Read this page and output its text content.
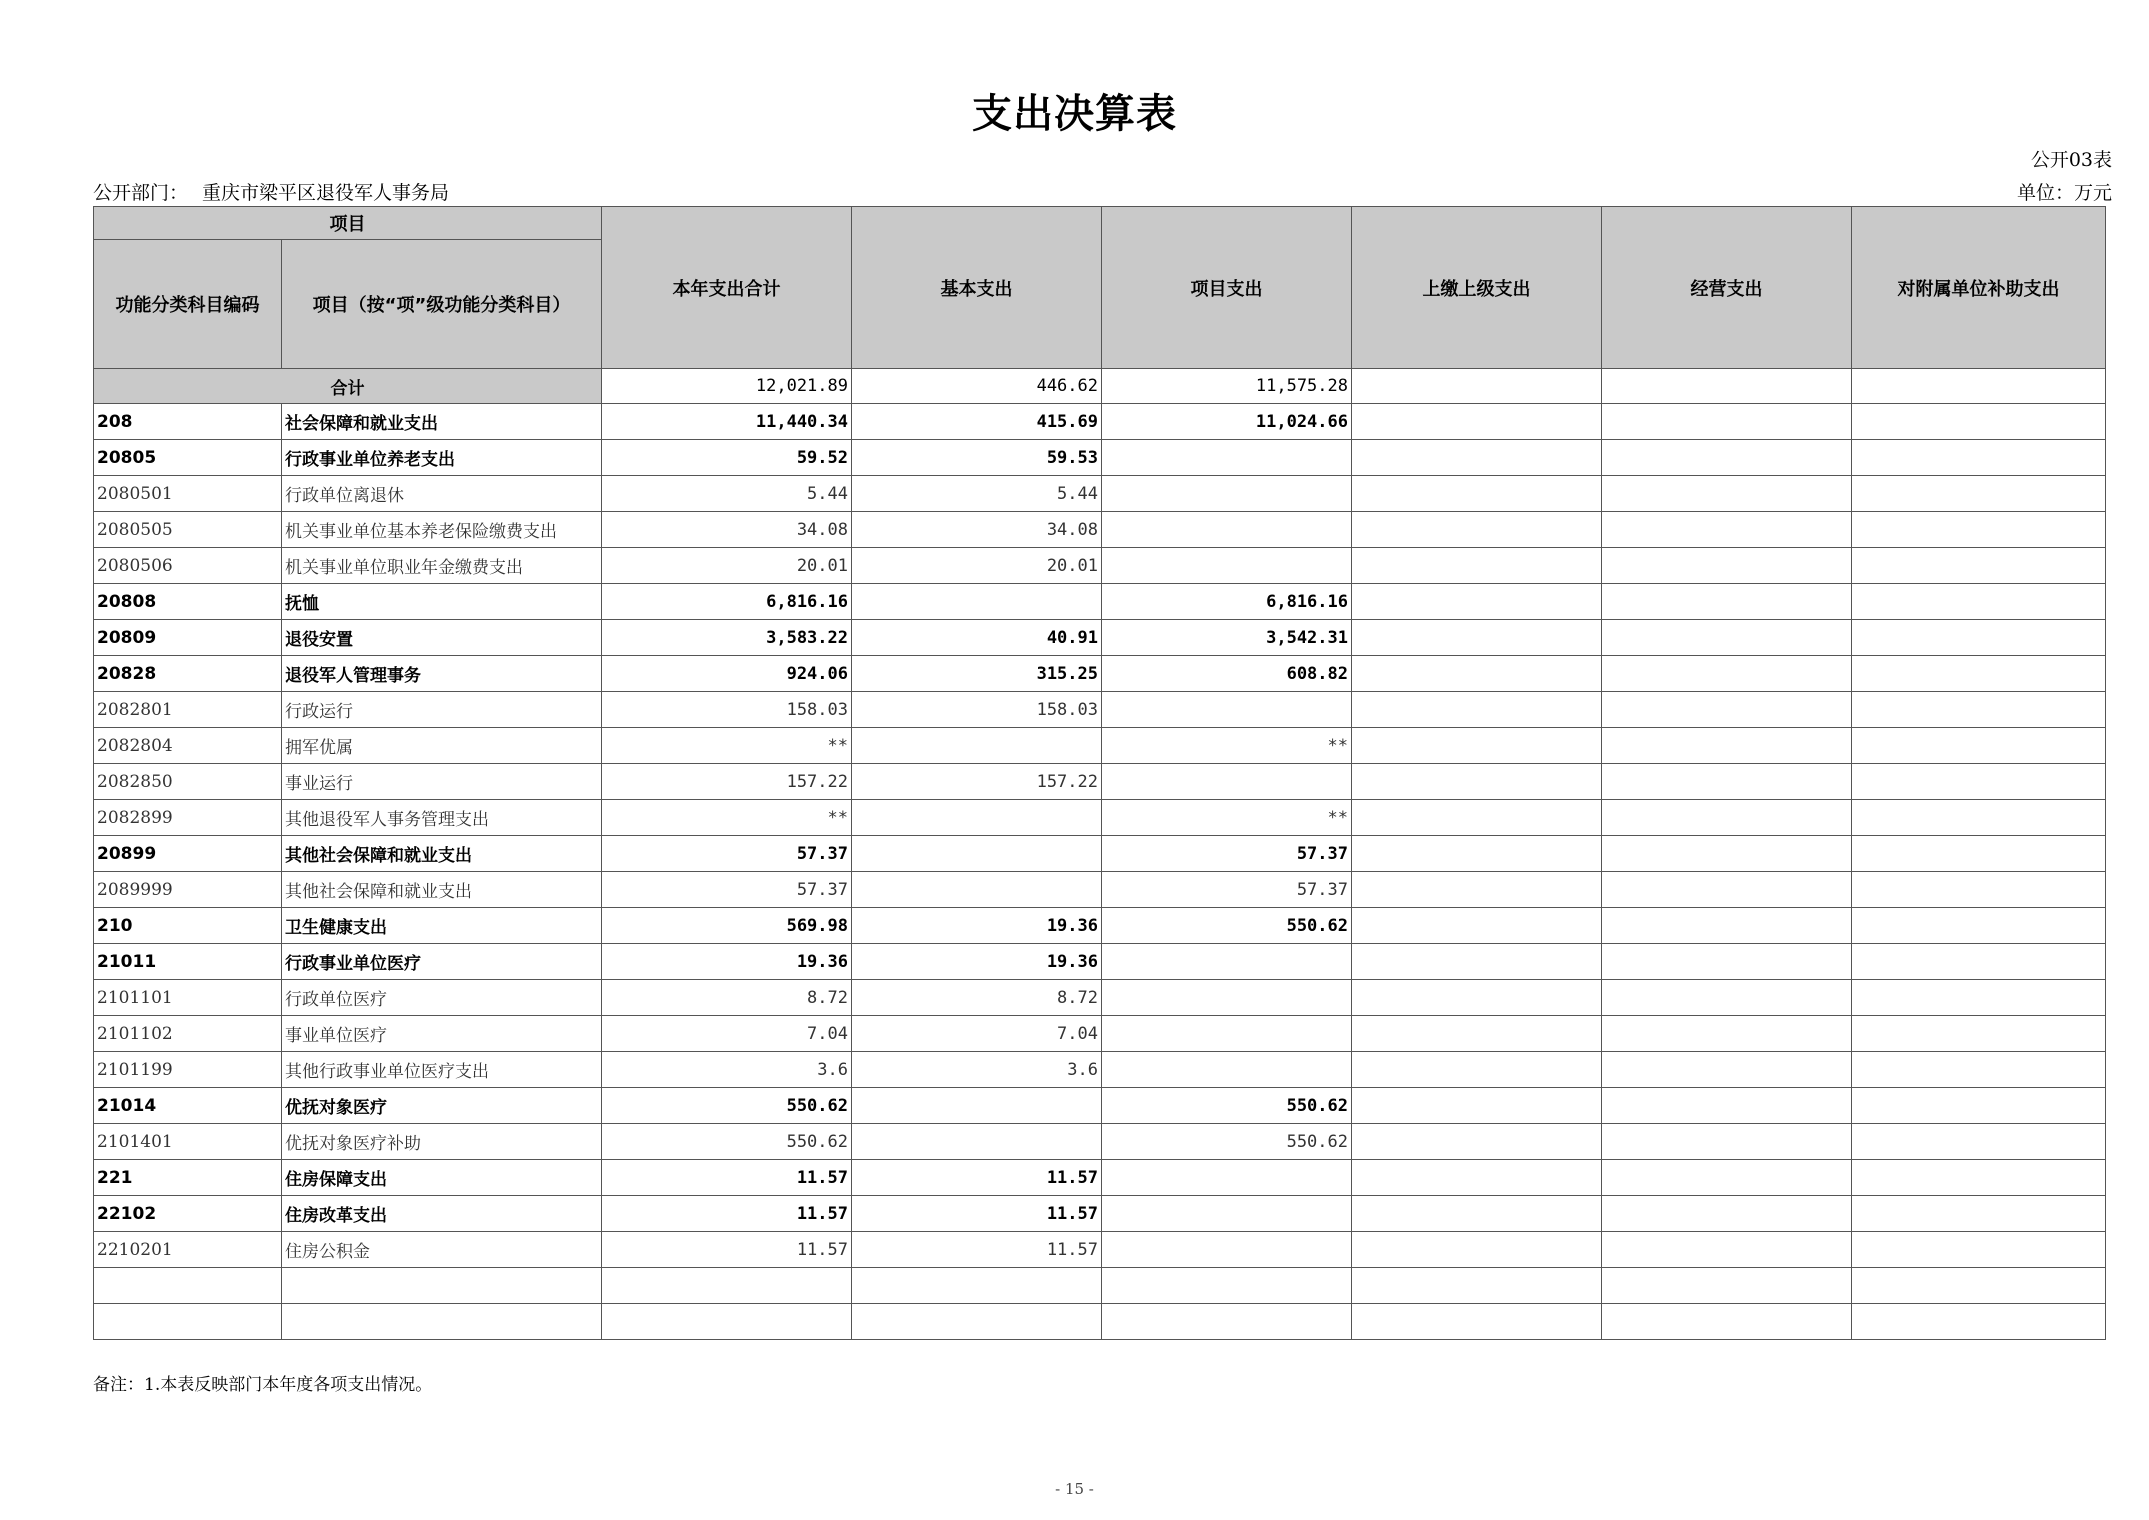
支出决算表
公开03表
公开部门： 重庆市梁平区退役军人事务局	单位：万元
项目		本年支出合计	基本支出	项目支出	上缴上级支出	经营支出	对附属单位补助支出
功能分类科目编码	项目（按“项”级功能分类科目）						
合计		12,021.89	446.62	11,575.28			
208	社会保障和就业支出	11,440.34	415.69	11,024.66			
20805	行政事业单位养老支出	59.52	59.53				
2080501	行政单位离退休	5.44	5.44				
2080505	机关事业单位基本养老保险缴费支出	34.08	34.08				
2080506	机关事业单位职业年金缴费支出	20.01	20.01				
20808	抚恤	6,816.16		6,816.16			
20809	退役安置	3,583.22	40.91	3,542.31			
20828	退役军人管理事务	924.06	315.25	608.82			
2082801	行政运行	158.03	158.03				
2082804	拥军优属	**		**			
2082850	事业运行	157.22	157.22				
2082899	其他退役军人事务管理支出	**		**			
20899	其他社会保障和就业支出	57.37		57.37			
2089999	其他社会保障和就业支出	57.37		57.37			
210	卫生健康支出	569.98	19.36	550.62			
21011	行政事业单位医疗	19.36	19.36				
2101101	行政单位医疗	8.72	8.72				
2101102	事业单位医疗	7.04	7.04				
2101199	其他行政事业单位医疗支出	3.6	3.6				
21014	优抚对象医疗	550.62		550.62			
2101401	优抚对象医疗补助	550.62		550.62			
221	住房保障支出	11.57	11.57				
22102	住房改革支出	11.57	11.57				
2210201	住房公积金	11.57	11.57				

备注：1.本表反映部门本年度各项支出情况。
- 15 -
